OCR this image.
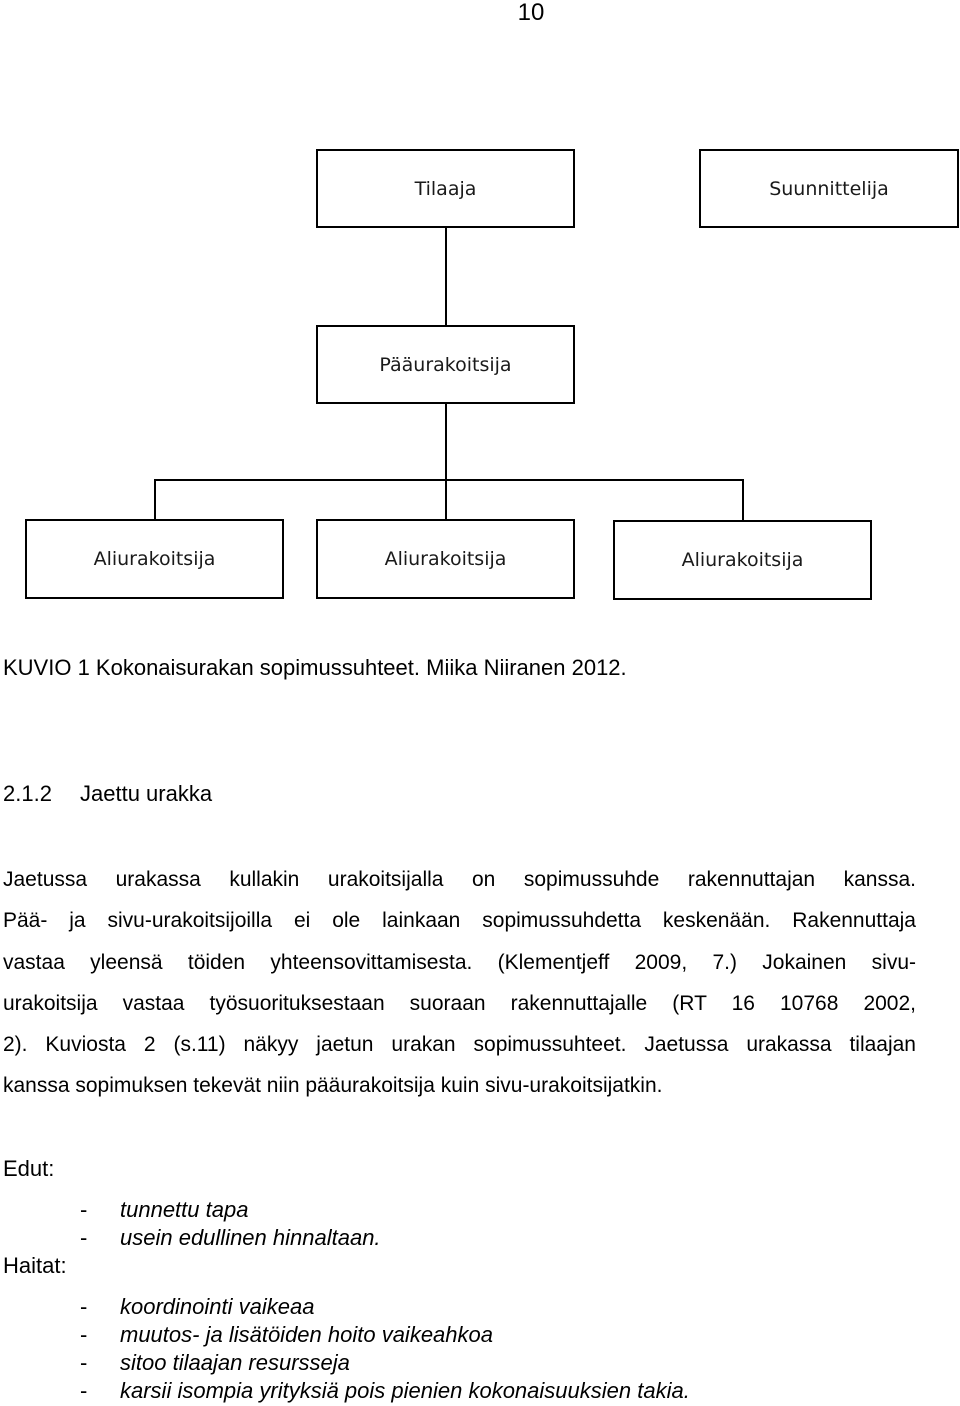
10
Tilaaja	Suunnittelija
Pääurakoitsija
Aliurakoitsija	Aliurakoitsija	Aliurakoitsija
KUVIO 1 Kokonaisurakan sopimussuhteet. Miika Niiranen 2012.
2.1.2	Jaettu urakka
Jaetussa urakassa kullakin urakoitsijalla on sopimussuhde rakennuttajan kanssa.
Pää- ja sivu-urakoitsijoilla ei ole lainkaan sopimussuhdetta keskenään. Rakennuttaja
vastaa yleensä töiden yhteensovittamisesta. (Klementjeff 2009, 7.) Jokainen sivu-
urakoitsija vastaa työsuorituksestaan suoraan rakennuttajalle (RT 16 10768 2002,
2). Kuviosta 2 (s.11) näkyy jaetun urakan sopimussuhteet. Jaetussa urakassa tilaajan
kanssa sopimuksen tekevät niin pääurakoitsija kuin sivu-urakoitsijatkin.
Edut:
-	tunnettu tapa
-	usein edullinen hinnaltaan.
Haitat:
-	koordinointi vaikeaa
-	muutos- ja lisätöiden hoito vaikeahkoa
-	sitoo tilaajan resursseja
-	karsii isompia yrityksiä pois pienien kokonaisuuksien takia.
